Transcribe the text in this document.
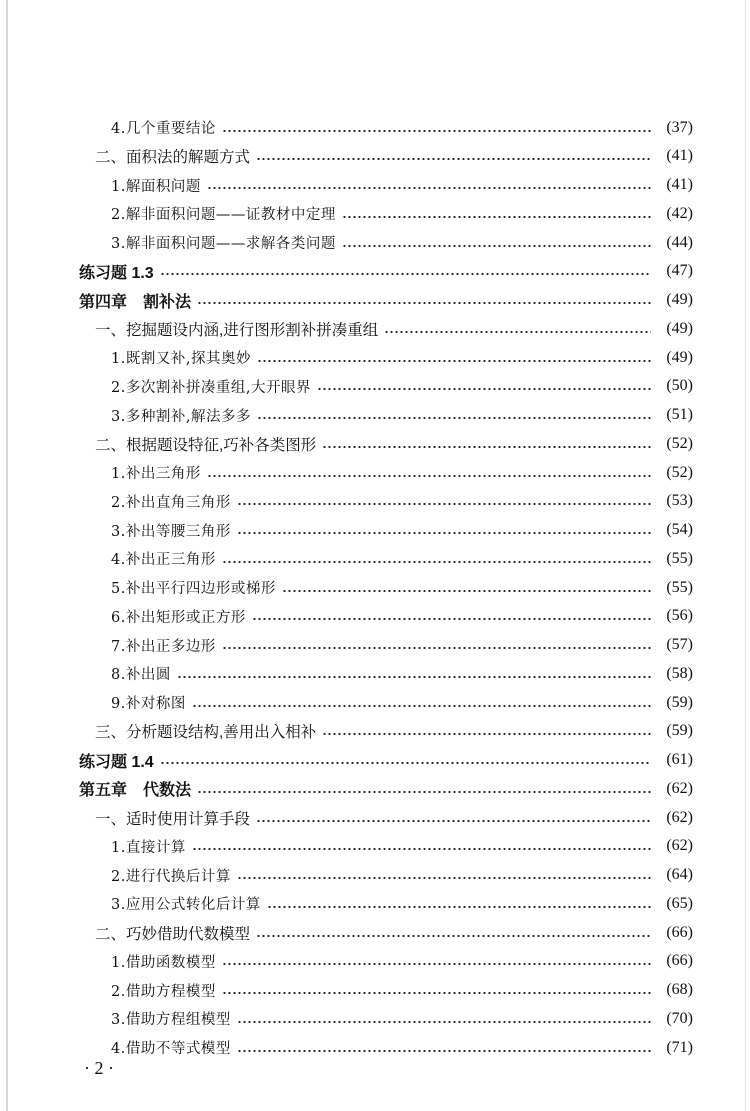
4.几个重要结论	(37)
二、面积法的解题方式	(41)
1.解面积问题	(41)
2.解非面积问题——证教材中定理	(42)
3.解非面积问题——求解各类问题	(44)
练习题 1.3	(47)
第四章　割补法	(49)
一、挖掘题设内涵,进行图形割补拼凑重组	(49)
1.既割又补,探其奥妙	(49)
2.多次割补拼凑重组,大开眼界	(50)
3.多种割补,解法多多	(51)
二、根据题设特征,巧补各类图形	(52)
1.补出三角形	(52)
2.补出直角三角形	(53)
3.补出等腰三角形	(54)
4.补出正三角形	(55)
5.补出平行四边形或梯形	(55)
6.补出矩形或正方形	(56)
7.补出正多边形	(57)
8.补出圆	(58)
9.补对称图	(59)
三、分析题设结构,善用出入相补	(59)
练习题 1.4	(61)
第五章　代数法	(62)
一、适时使用计算手段	(62)
1.直接计算	(62)
2.进行代换后计算	(64)
3.应用公式转化后计算	(65)
二、巧妙借助代数模型	(66)
1.借助函数模型	(66)
2.借助方程模型	(68)
3.借助方程组模型	(70)
4.借助不等式模型	(71)
· 2 ·
